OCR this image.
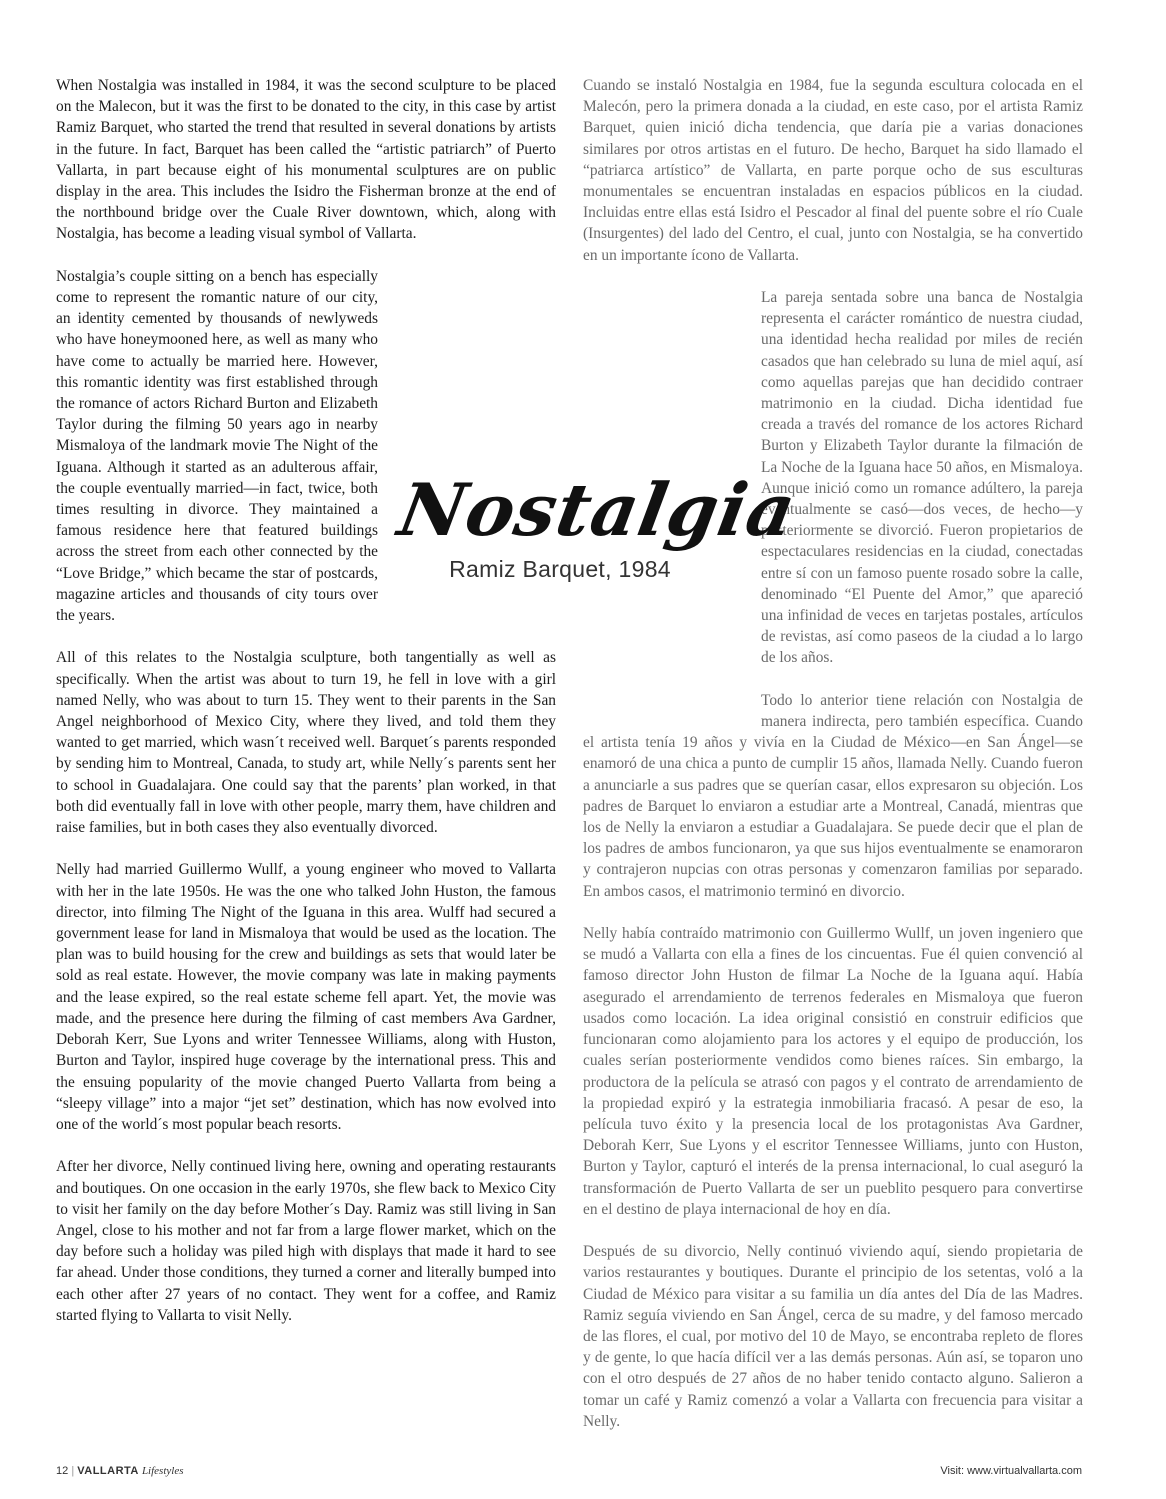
When Nostalgia was installed in 1984, it was the second sculpture to be placed on the Malecon, but it was the first to be donated to the city, in this case by artist Ramiz Barquet, who started the trend that resulted in several donations by artists in the future. In fact, Barquet has been called the “artistic patriarch” of Puerto Vallarta, in part because eight of his monumental sculptures are on public display in the area. This includes the Isidro the Fisherman bronze at the end of the northbound bridge over the Cuale River downtown, which, along with Nostalgia, has become a leading visual symbol of Vallarta.

Nostalgia’s couple sitting on a bench has especially come to represent the romantic nature of our city, an identity cemented by thousands of newlyweds who have honeymooned here, as well as many who have come to actually be married here. However, this romantic identity was first established through the romance of actors Richard Burton and Elizabeth Taylor during the filming 50 years ago in nearby Mismaloya of the landmark movie The Night of the Iguana. Although it started as an adulterous affair, the couple eventually married—in fact, twice, both times resulting in divorce. They maintained a famous residence here that featured buildings across the street from each other connected by the “Love Bridge,” which became the star of postcards, magazine articles and thousands of city tours over the years.

All of this relates to the Nostalgia sculpture, both tangentially as well as specifically. When the artist was about to turn 19, he fell in love with a girl named Nelly, who was about to turn 15. They went to their parents in the San Angel neighborhood of Mexico City, where they lived, and told them they wanted to get married, which wasn´t received well. Barquet´s parents responded by sending him to Montreal, Canada, to study art, while Nelly´s parents sent her to school in Guadalajara. One could say that the parents’ plan worked, in that both did eventually fall in love with other people, marry them, have children and raise families, but in both cases they also eventually divorced.

Nelly had married Guillermo Wullf, a young engineer who moved to Vallarta with her in the late 1950s. He was the one who talked John Huston, the famous director, into filming The Night of the Iguana in this area. Wulff had secured a government lease for land in Mismaloya that would be used as the location. The plan was to build housing for the crew and buildings as sets that would later be sold as real estate. However, the movie company was late in making payments and the lease expired, so the real estate scheme fell apart. Yet, the movie was made, and the presence here during the filming of cast members Ava Gardner, Deborah Kerr, Sue Lyons and writer Tennessee Williams, along with Huston, Burton and Taylor, inspired huge coverage by the international press. This and the ensuing popularity of the movie changed Puerto Vallarta from being a “sleepy village” into a major “jet set” destination, which has now evolved into one of the world´s most popular beach resorts.

After her divorce, Nelly continued living here, owning and operating restaurants and boutiques. On one occasion in the early 1970s, she flew back to Mexico City to visit her family on the day before Mother´s Day. Ramiz was still living in San Angel, close to his mother and not far from a large flower market, which on the day before such a holiday was piled high with displays that made it hard to see far ahead. Under those conditions, they turned a corner and literally bumped into each other after 27 years of no contact. They went for a coffee, and Ramiz started flying to Vallarta to visit Nelly.

Cuando se instaló Nostalgia en 1984, fue la segunda escultura colocada en el Malecón, pero la primera donada a la ciudad, en este caso, por el artista Ramiz Barquet, quien inició dicha tendencia, que daría pie a varias donaciones similares por otros artistas en el futuro. De hecho, Barquet ha sido llamado el “patriarca artístico” de Vallarta, en parte porque ocho de sus esculturas monumentales se encuentran instaladas en espacios públicos en la ciudad. Incluidas entre ellas está Isidro el Pescador al final del puente sobre el río Cuale (Insurgentes) del lado del Centro, el cual, junto con Nostalgia, se ha convertido en un importante ícono de Vallarta.

La pareja sentada sobre una banca de Nostalgia representa el carácter romántico de nuestra ciudad, una identidad hecha realidad por miles de recién casados que han celebrado su luna de miel aquí, así como aquellas parejas que han decidido contraer matrimonio en la ciudad. Dicha identidad fue creada a través del romance de los actores Richard Burton y Elizabeth Taylor durante la filmación de La Noche de la Iguana hace 50 años, en Mismaloya. Aunque inició como un romance adúltero, la pareja eventualmente se casó—dos veces, de hecho—y posteriormente se divorció. Fueron propietarios de espectaculares residencias en la ciudad, conectadas entre sí con un famoso puente rosado sobre la calle, denominado “El Puente del Amor,” que apareció una infinidad de veces en tarjetas postales, artículos de revistas, así como paseos de la ciudad a lo largo de los años.

Todo lo anterior tiene relación con Nostalgia de manera indirecta, pero también específica. Cuando el artista tenía 19 años y vivía en la Ciudad de México—en San Ángel—se enamoró de una chica a punto de cumplir 15 años, llamada Nelly. Cuando fueron a anunciarle a sus padres que se querían casar, ellos expresaron su objeción. Los padres de Barquet lo enviaron a estudiar arte a Montreal, Canadá, mientras que los de Nelly la enviaron a estudiar a Guadalajara. Se puede decir que el plan de los padres de ambos funcionaron, ya que sus hijos eventualmente se enamoraron y contrajeron nupcias con otras personas y comenzaron familias por separado. En ambos casos, el matrimonio terminó en divorcio.

Nelly había contraído matrimonio con Guillermo Wullf, un joven ingeniero que se mudó a Vallarta con ella a fines de los cincuentas. Fue él quien convenció al famoso director John Huston de filmar La Noche de la Iguana aquí. Había asegurado el arrendamiento de terrenos federales en Mismaloya que fueron usados como locación. La idea original consistió en construir edificios que funcionaran como alojamiento para los actores y el equipo de producción, los cuales serían posteriormente vendidos como bienes raíces. Sin embargo, la productora de la película se atrasó con pagos y el contrato de arrendamiento de la propiedad expiró y la estrategia inmobiliaria fracasó. A pesar de eso, la película tuvo éxito y la presencia local de los protagonistas Ava Gardner, Deborah Kerr, Sue Lyons y el escritor Tennessee Williams, junto con Huston, Burton y Taylor, capturó el interés de la prensa internacional, lo cual aseguró la transformación de Puerto Vallarta de ser un pueblito pesquero para convertirse en el destino de playa internacional de hoy en día.

Después de su divorcio, Nelly continuó viviendo aquí, siendo propietaria de varios restaurantes y boutiques. Durante el principio de los setentas, voló a la Ciudad de México para visitar a su familia un día antes del Día de las Madres. Ramiz seguía viviendo en San Ángel, cerca de su madre, y del famoso mercado de las flores, el cual, por motivo del 10 de Mayo, se encontraba repleto de flores y de gente, lo que hacía difícil ver a las demás personas. Aún así, se toparon uno con el otro después de 27 años de no haber tenido contacto alguno. Salieron a tomar un café y Ramiz comenzó a volar a Vallarta con frecuencia para visitar a Nelly.

Nostalgia
Ramiz Barquet, 1984
12 | VALLARTA Lifestyles	Visit: www.virtualvallarta.com
